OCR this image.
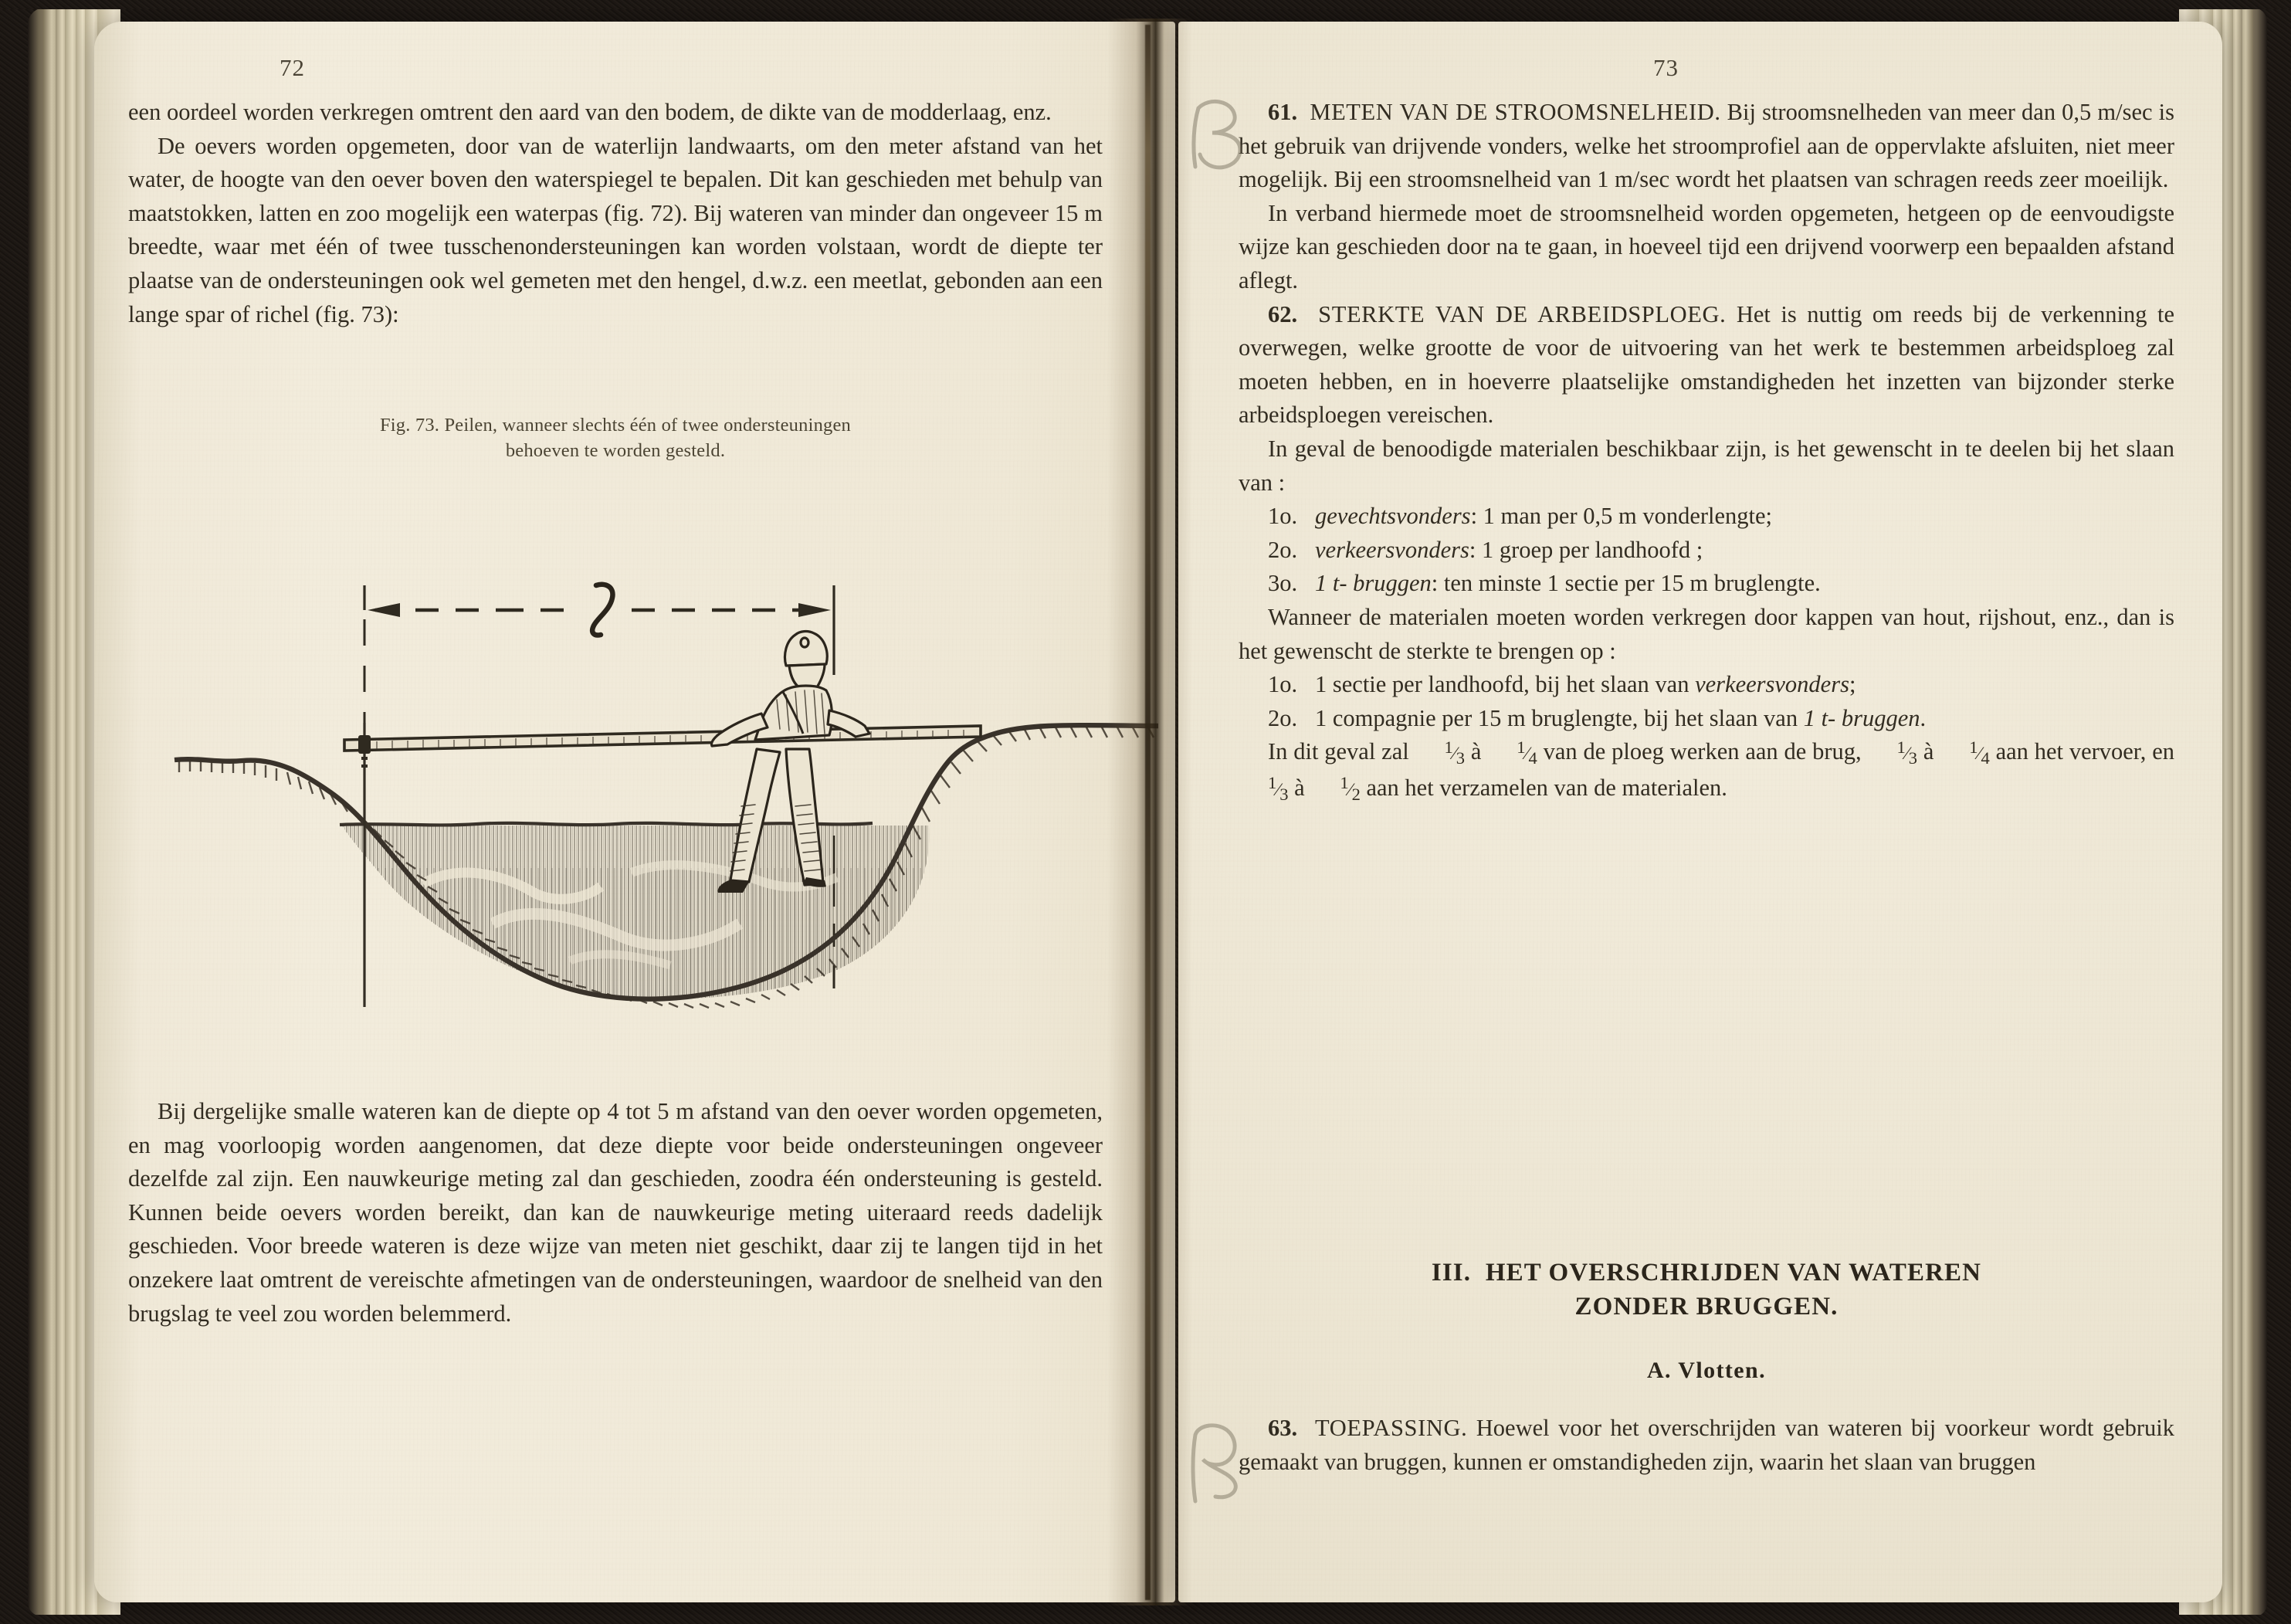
72

een oordeel worden verkregen omtrent den aard van den bodem, de dikte van de modderlaag, enz.

De oevers worden opgemeten, door van de waterlijn landwaarts, om den meter afstand van het water, de hoogte van den oever boven den waterspiegel te bepalen. Dit kan geschieden met behulp van maatstokken, latten en zoo mogelijk een waterpas (fig. 72). Bij wateren van minder dan ongeveer 15 m breedte, waar met één of twee tusschenondersteuningen kan worden volstaan, wordt de diepte ter plaatse van de ondersteuningen ook wel gemeten met den hengel, d.w.z. een meetlat, gebonden aan een lange spar of richel (fig. 73):

Fig. 73. Peilen, wanneer slechts één of twee ondersteuningen
behoeven te worden gesteld.

Bij dergelijke smalle wateren kan de diepte op 4 tot 5 m afstand van den oever worden opgemeten, en mag voorloopig worden aangenomen, dat deze diepte voor beide ondersteuningen ongeveer dezelfde zal zijn. Een nauwkeurige meting zal dan geschieden, zoodra één ondersteuning is gesteld. Kunnen beide oevers worden bereikt, dan kan de nauwkeurige meting uiteraard reeds dadelijk geschieden. Voor breede wateren is deze wijze van meten niet geschikt, daar zij te langen tijd in het onzekere laat omtrent de vereischte afmetingen van de ondersteuningen, waardoor de snelheid van den brugslag te veel zou worden belemmerd.

73

61. METEN VAN DE STROOMSNELHEID. Bij stroomsnelheden van meer dan 0,5 m/sec is het gebruik van drijvende vonders, welke het stroomprofiel aan de oppervlakte afsluiten, niet meer mogelijk. Bij een stroomsnelheid van 1 m/sec wordt het plaatsen van schragen reeds zeer moeilijk.

In verband hiermede moet de stroomsnelheid worden opgemeten, hetgeen op de eenvoudigste wijze kan geschieden door na te gaan, in hoeveel tijd een drijvend voorwerp een bepaalden afstand aflegt.

62. STERKTE VAN DE ARBEIDSPLOEG. Het is nuttig om reeds bij de verkenning te overwegen, welke grootte de voor de uitvoering van het werk te bestemmen arbeidsploeg zal moeten hebben, en in hoeverre plaatselijke omstandigheden het inzetten van bijzonder sterke arbeidsploegen vereischen.

In geval de benoodigde materialen beschikbaar zijn, is het gewenscht in te deelen bij het slaan van :

1o. gevechtsvonders: 1 man per 0,5 m vonderlengte;

2o. verkeersvonders: 1 groep per landhoofd ;

3o. 1 t- bruggen: ten minste 1 sectie per 15 m bruglengte.

Wanneer de materialen moeten worden verkregen door kappen van hout, rijshout, enz., dan is het gewenscht de sterkte te brengen op :

1o. 1 sectie per landhoofd, bij het slaan van verkeersvonders;

2o. 1 compagnie per 15 m bruglengte, bij het slaan van 1 t- bruggen.

In dit geval zal 1⁄3 à 1⁄4 van de ploeg werken aan de brug, 1⁄3 à 1⁄4 aan het vervoer, en 1⁄3 à 1⁄2 aan het verzamelen van de materialen.

III. HET OVERSCHRIJDEN VAN WATEREN
ZONDER BRUGGEN.
A. Vlotten.

63. TOEPASSING. Hoewel voor het overschrijden van wateren bij voorkeur wordt gebruik gemaakt van bruggen, kunnen er omstandigheden zijn, waarin het slaan van bruggen
